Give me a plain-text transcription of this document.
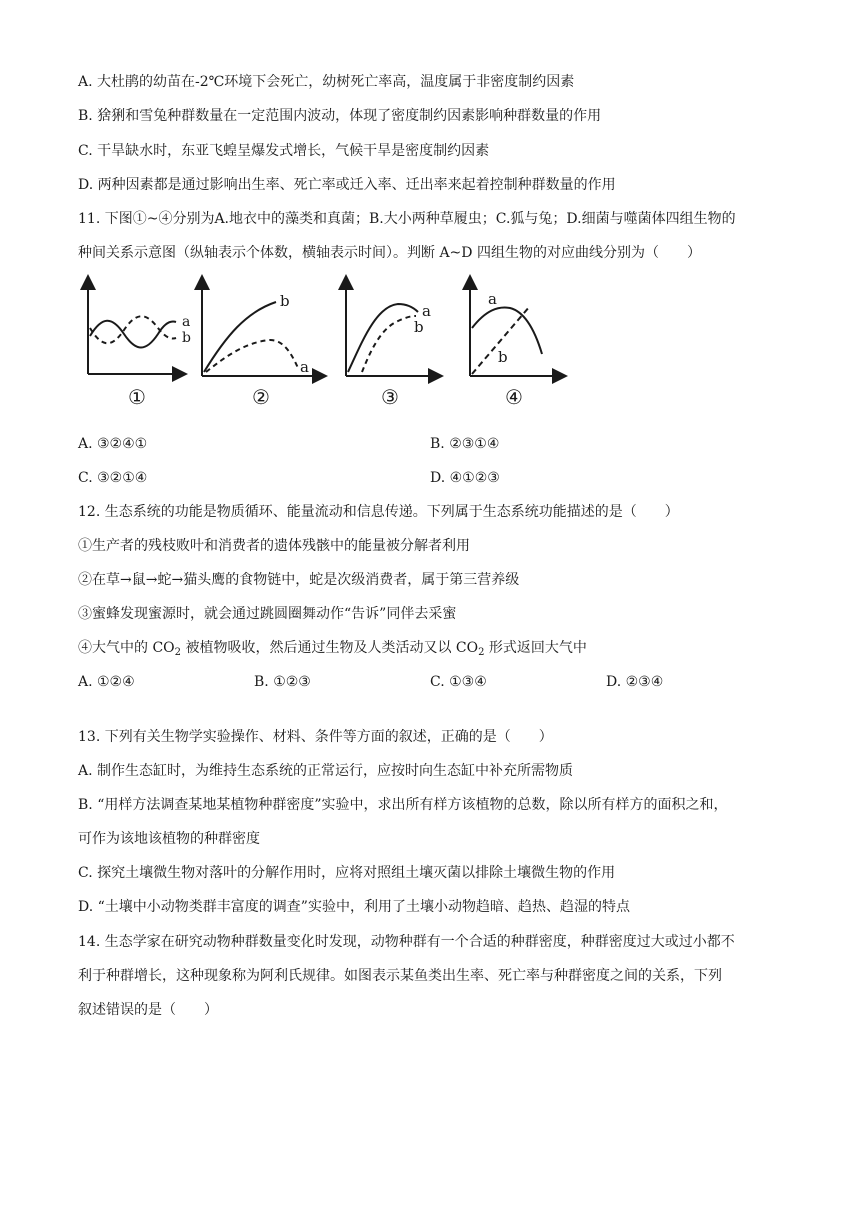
A. 大杜鹃的幼苗在-2℃环境下会死亡，幼树死亡率高，温度属于非密度制约因素
B. 猞猁和雪兔种群数量在一定范围内波动，体现了密度制约因素影响种群数量的作用
C. 干旱缺水时，东亚飞蝗呈爆发式增长，气候干旱是密度制约因素
D. 两种因素都是通过影响出生率、死亡率或迁入率、迁出率来起着控制种群数量的作用
11. 下图①~④分别为A.地衣中的藻类和真菌；B.大小两种草履虫；C.狐与兔；D.细菌与噬菌体四组生物的
种间关系示意图（纵轴表示个体数，横轴表示时间）。判断 A~D 四组生物的对应曲线分别为（　　）
a
b
①
b
a
②
a
b
③
a
b
④
A. ③②④①	B. ②③①④
C. ③②①④	D. ④①②③
12. 生态系统的功能是物质循环、能量流动和信息传递。下列属于生态系统功能描述的是（　　）
①生产者的残枝败叶和消费者的遗体残骸中的能量被分解者利用
②在草→鼠→蛇→猫头鹰的食物链中，蛇是次级消费者，属于第三营养级
③蜜蜂发现蜜源时，就会通过跳圆圈舞动作“告诉”同伴去采蜜
④大气中的 $CO_2$ 被植物吸收，然后通过生物及人类活动又以 $CO_2$ 形式返回大气中
A. ①②④	B. ①②③	C. ①③④	D. ②③④
13. 下列有关生物学实验操作、材料、条件等方面的叙述，正确的是（　　）
A. 制作生态缸时，为维持生态系统的正常运行，应按时向生态缸中补充所需物质
B. “用样方法调查某地某植物种群密度”实验中，求出所有样方该植物的总数，除以所有样方的面积之和，
可作为该地该植物的种群密度
C. 探究土壤微生物对落叶的分解作用时，应将对照组土壤灭菌以排除土壤微生物的作用
D. “土壤中小动物类群丰富度的调查”实验中，利用了土壤小动物趋暗、趋热、趋湿的特点
14. 生态学家在研究动物种群数量变化时发现，动物种群有一个合适的种群密度，种群密度过大或过小都不
利于种群增长，这种现象称为阿利氏规律。如图表示某鱼类出生率、死亡率与种群密度之间的关系，下列
叙述错误的是（　　）
